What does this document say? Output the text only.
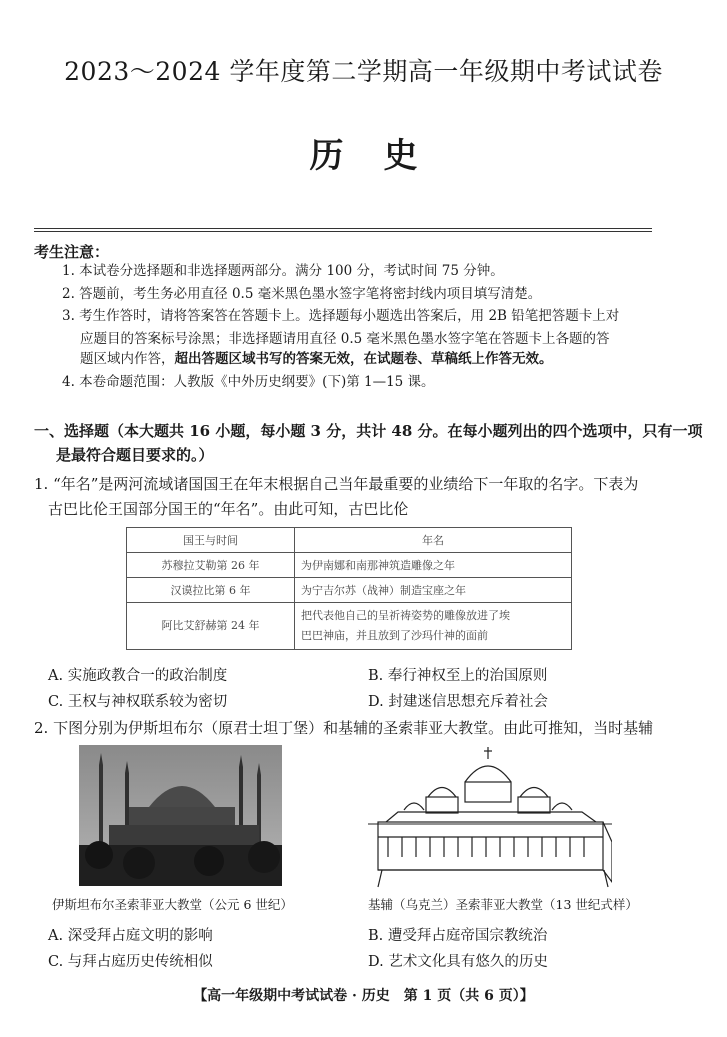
2023～2024 学年度第二学期高一年级期中考试试卷
历史
考生注意：
1. 本试卷分选择题和非选择题两部分。满分 100 分，考试时间 75 分钟。
2. 答题前，考生务必用直径 0.5 毫米黑色墨水签字笔将密封线内项目填写清楚。
3. 考生作答时，请将答案答在答题卡上。选择题每小题选出答案后，用 2B 铅笔把答题卡上对
应题目的答案标号涂黑；非选择题请用直径 0.5 毫米黑色墨水签字笔在答题卡上各题的答
题区域内作答，超出答题区域书写的答案无效，在试题卷、草稿纸上作答无效。
4. 本卷命题范围：人教版《中外历史纲要》(下)第 1—15 课。
一、选择题（本大题共 16 小题，每小题 3 分，共计 48 分。在每小题列出的四个选项中，只有一项
是最符合题目要求的。）
1. “年名”是两河流域诸国国王在年末根据自己当年最重要的业绩给下一年取的名字。下表为
古巴比伦王国部分国王的“年名”。由此可知，古巴比伦
国王与时间	年名
苏穆拉艾勒第 26 年	为伊南娜和南那神筑造雕像之年
汉谟拉比第 6 年	为宁吉尔苏（战神）制造宝座之年
阿比艾舒赫第 24 年	把代表他自己的呈祈祷姿势的雕像放进了埃
巴巴神庙，并且放到了沙玛什神的面前
A. 实施政教合一的政治制度	B. 奉行神权至上的治国原则
C. 王权与神权联系较为密切	D. 封建迷信思想充斥着社会
2. 下图分别为伊斯坦布尔（原君士坦丁堡）和基辅的圣索菲亚大教堂。由此可推知，当时基辅
伊斯坦布尔圣索菲亚大教堂（公元 6 世纪）	基辅（乌克兰）圣索菲亚大教堂（13 世纪式样）
A. 深受拜占庭文明的影响	B. 遭受拜占庭帝国宗教统治
C. 与拜占庭历史传统相似	D. 艺术文化具有悠久的历史
【高一年级期中考试试卷 · 历史　第 1 页（共 6 页）】
